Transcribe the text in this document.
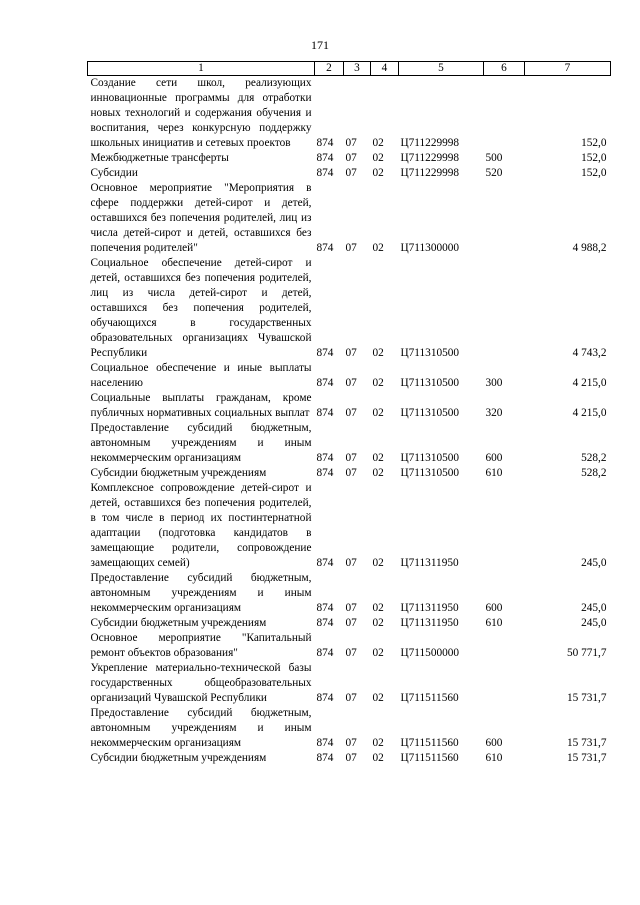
171
1	2	3	4	5	6	7
Создание сети школ, реализующих инновационные программы для отработки новых технологий и содержания обучения и воспитания, через конкурсную поддержку школьных инициатив и сетевых проектов	874	07	02	Ц711229998		152,0
Межбюджетные трансферты	874	07	02	Ц711229998	500	152,0
Субсидии	874	07	02	Ц711229998	520	152,0
Основное мероприятие "Мероприятия в сфере поддержки детей-сирот и детей, оставшихся без попечения родителей, лиц из числа детей-сирот и детей, оставшихся без попечения родителей"	874	07	02	Ц711300000		4 988,2
Социальное обеспечение детей-сирот и детей, оставшихся без попечения родителей, лиц из числа детей-сирот и детей, оставшихся без попечения родителей, обучающихся в государственных образовательных организациях Чувашской Республики	874	07	02	Ц711310500		4 743,2
Социальное обеспечение и иные выплаты населению	874	07	02	Ц711310500	300	4 215,0
Социальные выплаты гражданам, кроме публичных нормативных социальных выплат	874	07	02	Ц711310500	320	4 215,0
Предоставление субсидий бюджетным, автономным учреждениям и иным некоммерческим организациям	874	07	02	Ц711310500	600	528,2
Субсидии бюджетным учреждениям	874	07	02	Ц711310500	610	528,2
Комплексное сопровождение детей-сирот и детей, оставшихся без попечения родителей, в том числе в период их постинтернатной адаптации (подготовка кандидатов в замещающие родители, сопровождение замещающих семей)	874	07	02	Ц711311950		245,0
Предоставление субсидий бюджетным, автономным учреждениям и иным некоммерческим организациям	874	07	02	Ц711311950	600	245,0
Субсидии бюджетным учреждениям	874	07	02	Ц711311950	610	245,0
Основное мероприятие "Капитальный ремонт объектов образования"	874	07	02	Ц711500000		50 771,7
Укрепление материально-технической базы государственных общеобразовательных организаций Чувашской Республики	874	07	02	Ц711511560		15 731,7
Предоставление субсидий бюджетным, автономным учреждениям и иным некоммерческим организациям	874	07	02	Ц711511560	600	15 731,7
Субсидии бюджетным учреждениям	874	07	02	Ц711511560	610	15 731,7
